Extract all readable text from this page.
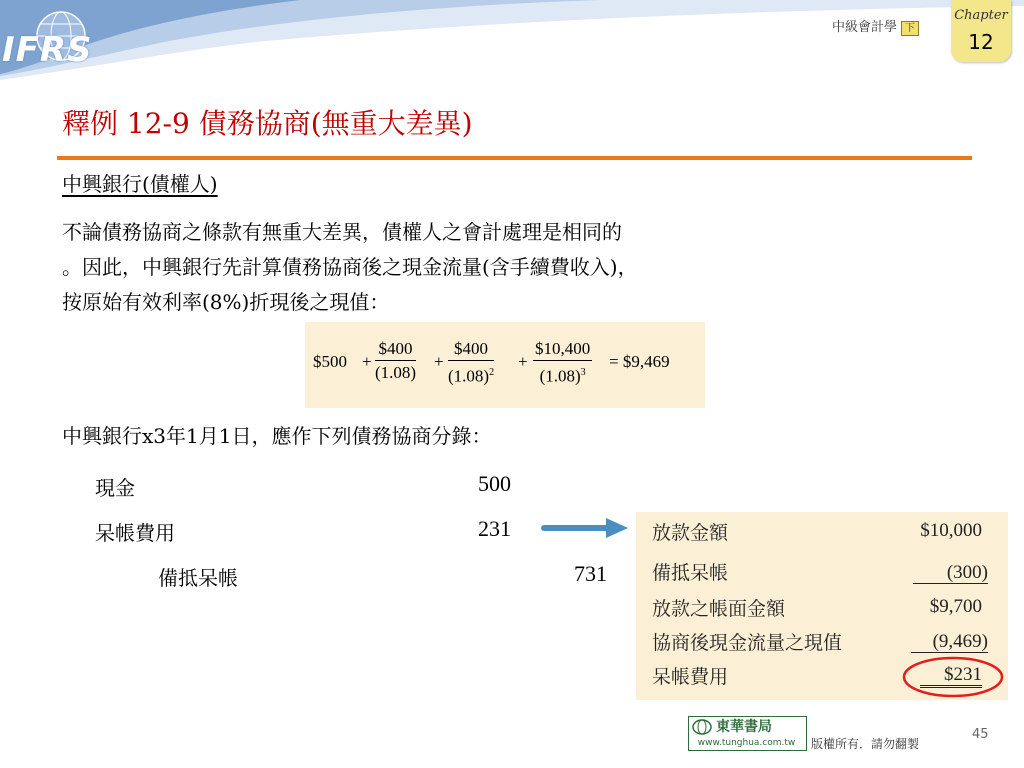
IFRS
中級會計學 下
Chapter
12
釋例 12-9 債務協商(無重大差異)
中興銀行(債權人)
不論債務協商之條款有無重大差異，債權人之會計處理是相同的
。因此，中興銀行先計算債務協商後之現金流量(含手續費收入)，
按原始有效利率(8%)折現後之現值：
$500 + $\frac{\$400}{(1.08)} + \frac{\$400}{(1.08)^2} + \frac{\$10,400}{(1.08)^3}$ = $9,469
中興銀行x3年1月1日，應作下列債務協商分錄：
現金	500
呆帳費用	231
備抵呆帳	731
放款金額	$10,000
備抵呆帳	(300)
放款之帳面金額	$9,700
協商後現金流量之現值	(9,469)
呆帳費用	$231
東華書局
www.tunghua.com.tw	版權所有．請勿翻製
45
